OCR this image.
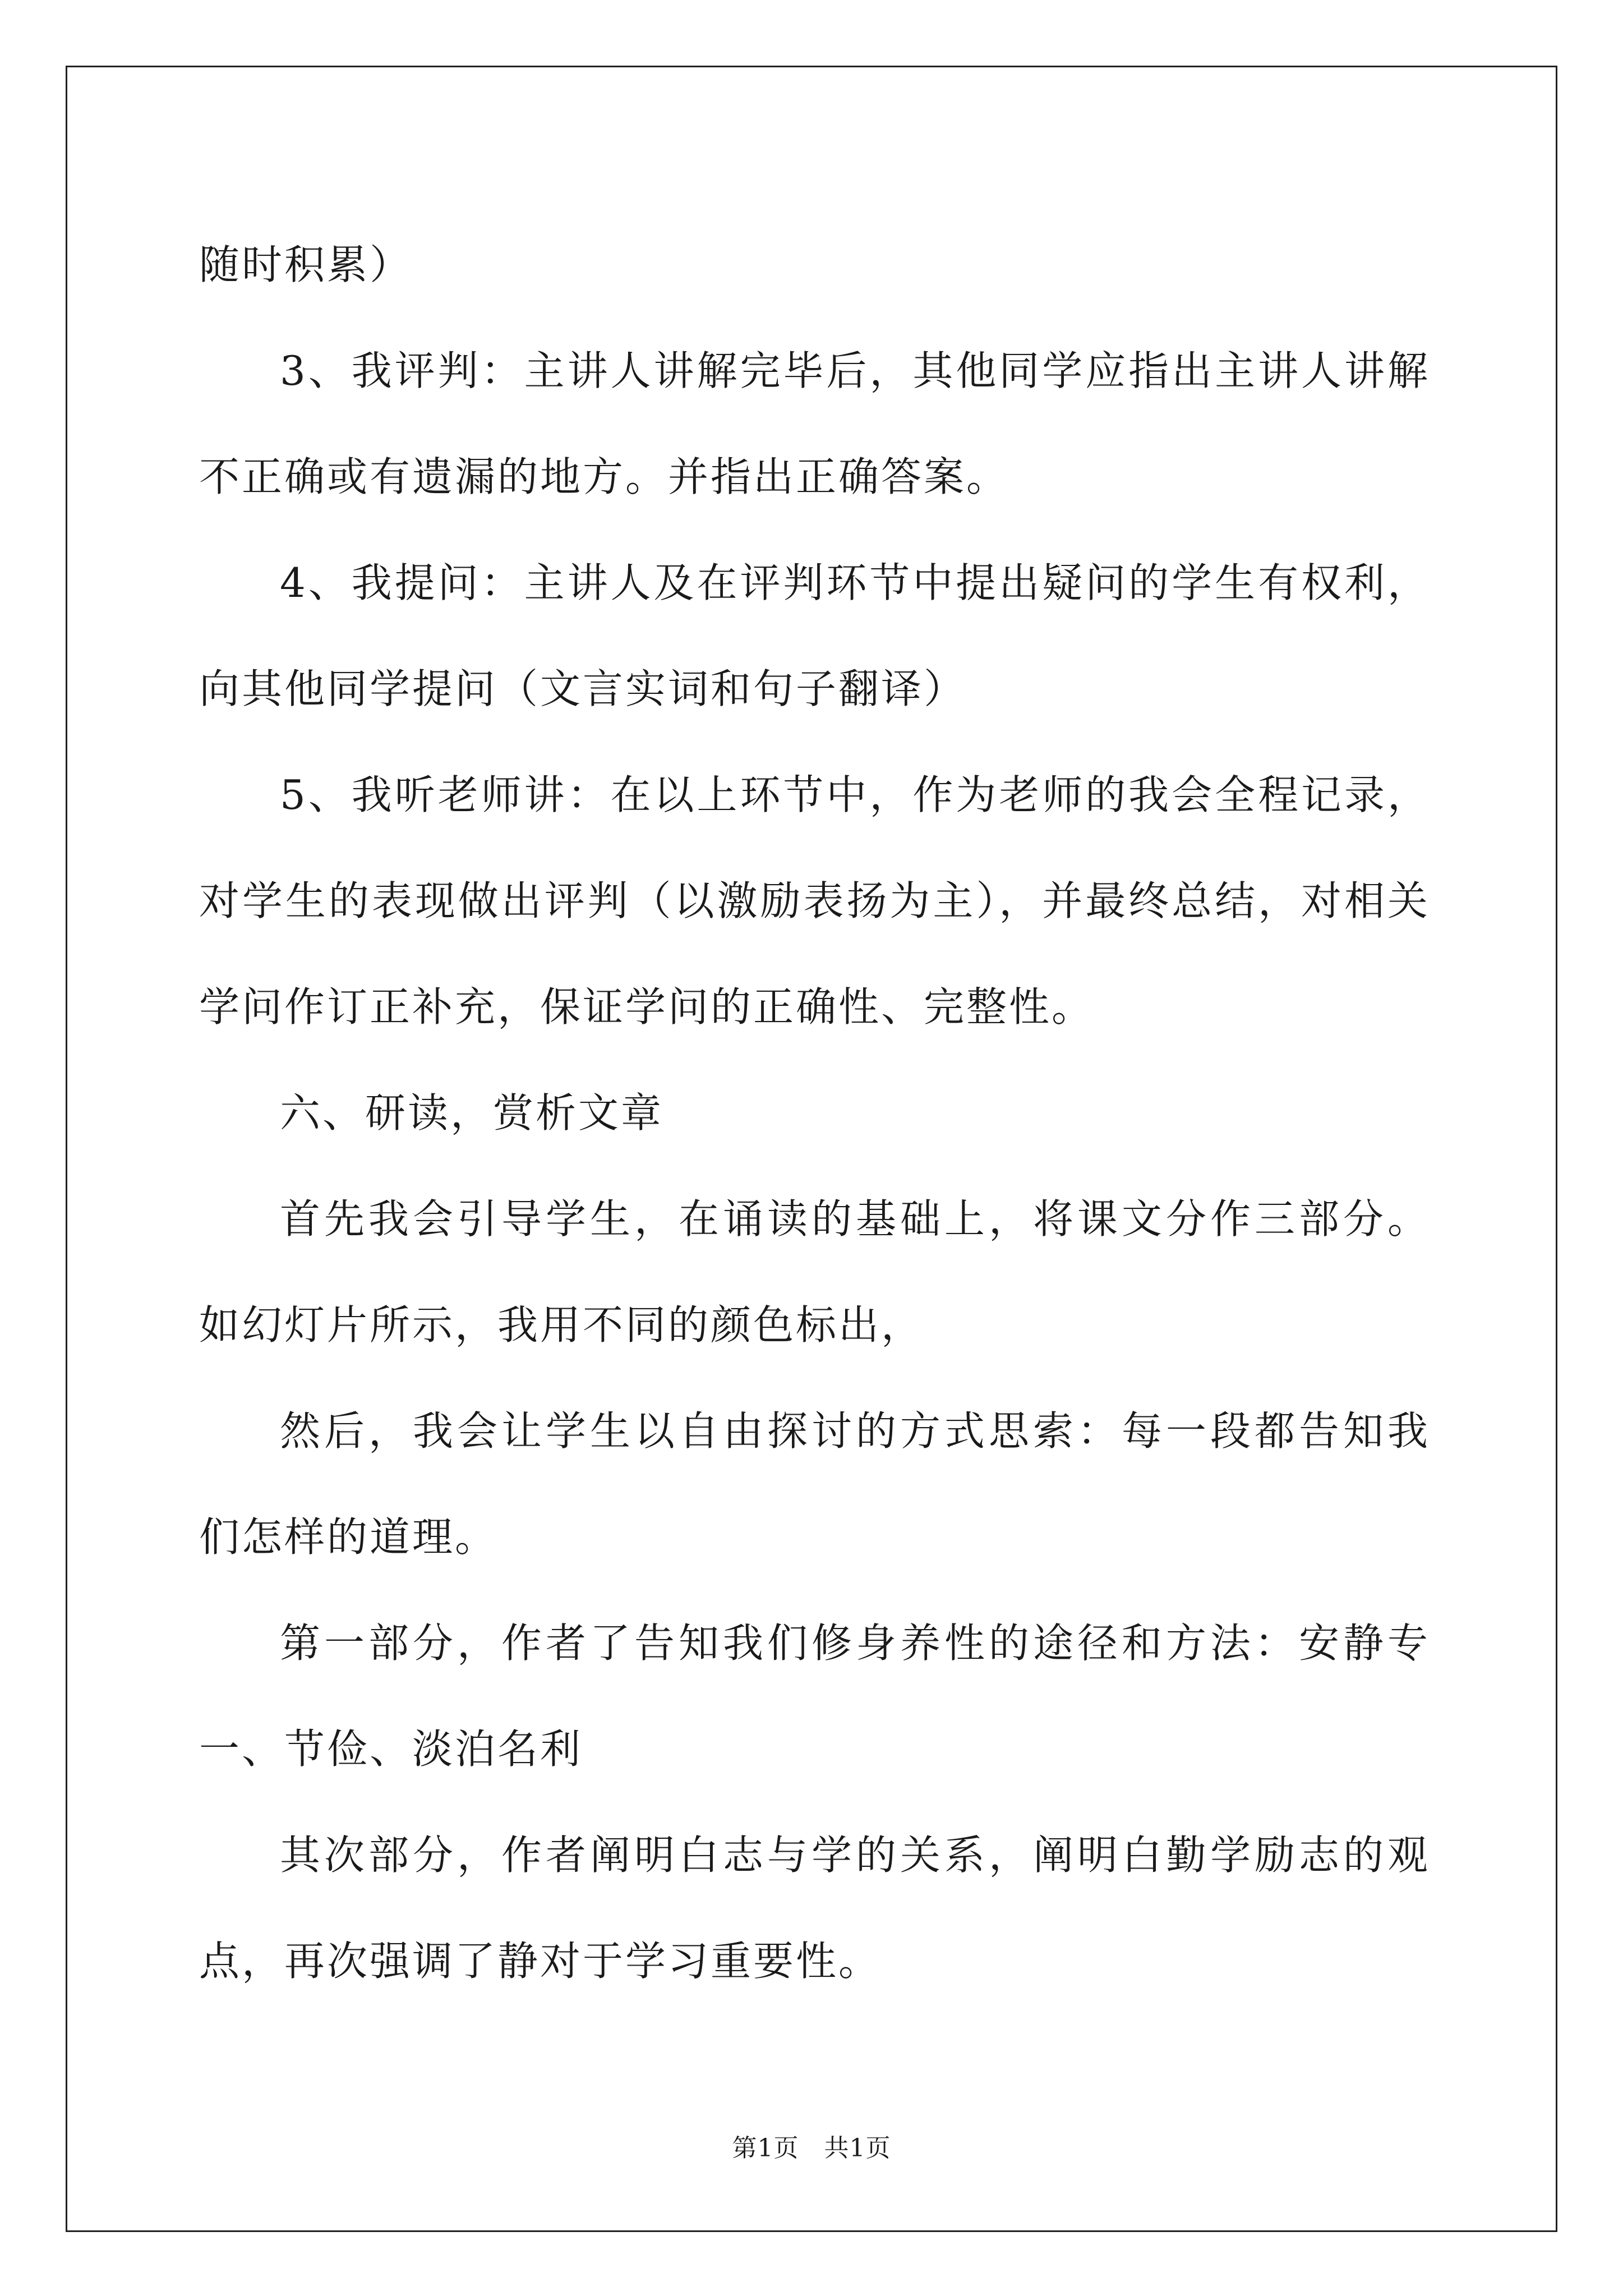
随时积累）

3、我评判：主讲人讲解完毕后，其他同学应指出主讲人讲解不正确或有遗漏的地方。并指出正确答案。

4、我提问：主讲人及在评判环节中提出疑问的学生有权利，向其他同学提问（文言实词和句子翻译）

5、我听老师讲：在以上环节中，作为老师的我会全程记录，对学生的表现做出评判（以激励表扬为主），并最终总结，对相关学问作订正补充，保证学问的正确性、完整性。

六、研读，赏析文章

首先我会引导学生，在诵读的基础上，将课文分作三部分。如幻灯片所示，我用不同的颜色标出，

然后，我会让学生以自由探讨的方式思索：每一段都告知我们怎样的道理。

第一部分，作者了告知我们修身养性的途径和方法：安静专一、节俭、淡泊名利

其次部分，作者阐明白志与学的关系，阐明白勤学励志的观点，再次强调了静对于学习重要性。

第1页　共1页
